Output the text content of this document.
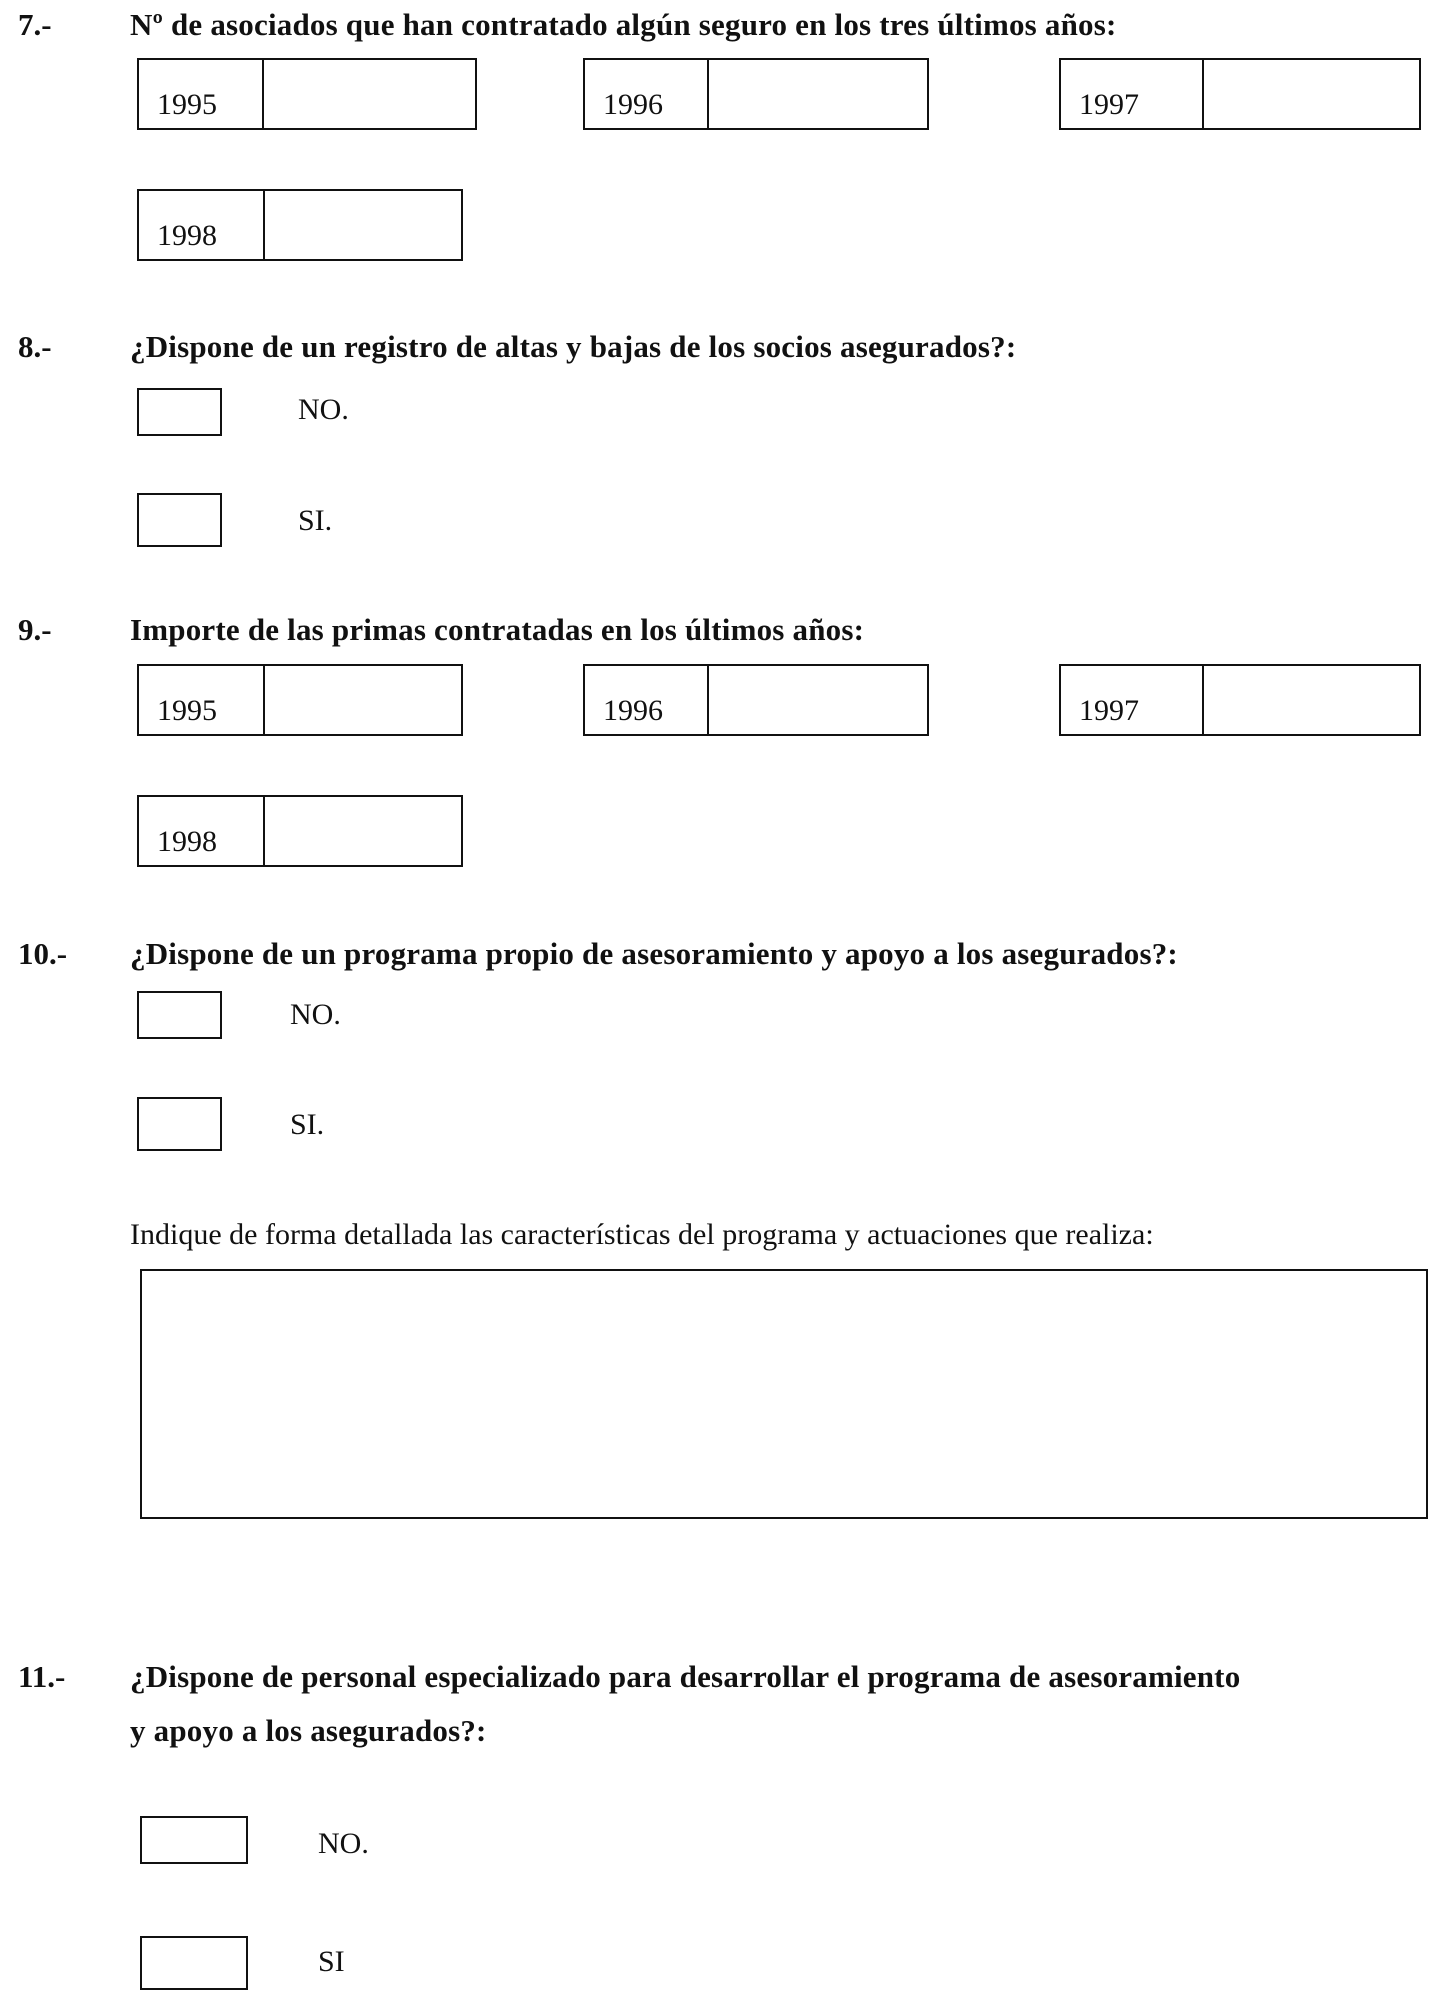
7.-	Nº de asociados que han contratado algún seguro en los tres últimos años:
1995	1996	1997
1998
8.-	¿Dispone de un registro de altas y bajas de los socios asegurados?:
NO.
SI.
9.-	Importe de las primas contratadas en los últimos años:
1995	1996	1997
1998
10.- ¿Dispone de un programa propio de asesoramiento y apoyo a los asegurados?:
NO.
SI.
Indique de forma detallada las características del programa y actuaciones que realiza:
11.- ¿Dispone de personal especializado para desarrollar el programa de asesoramiento
y apoyo a los asegurados?:
NO.
SI
